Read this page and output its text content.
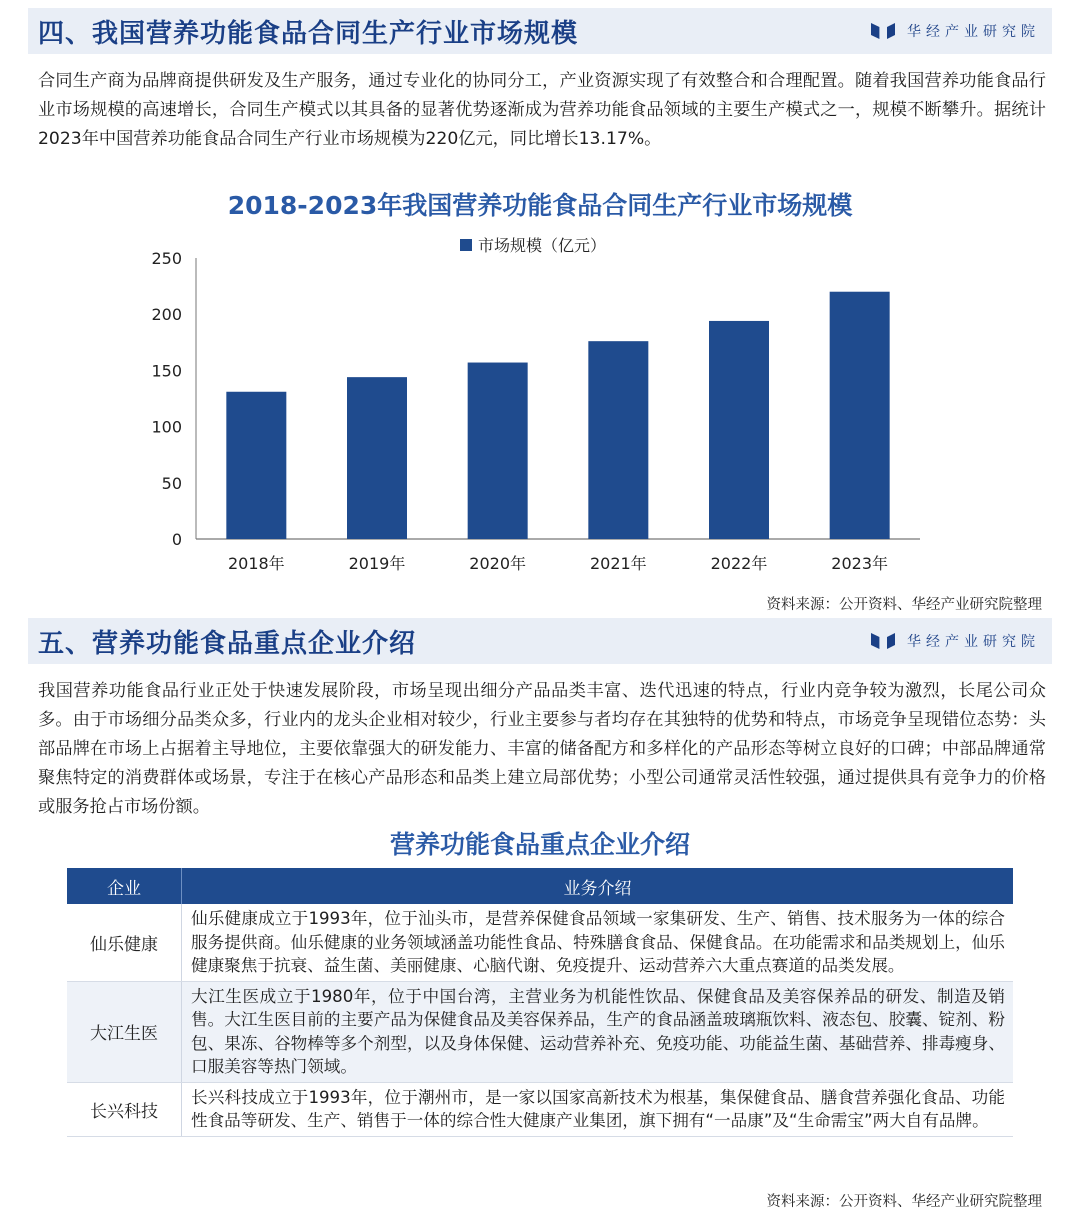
四、我国营养功能食品合同生产行业市场规模	华经产业研究院
合同生产商为品牌商提供研发及生产服务，通过专业化的协同分工，产业资源实现了有效整合和合理配置。随着我国营养功能食品行业市场规模的高速增长，合同生产模式以其具备的显著优势逐渐成为营养功能食品领域的主要生产模式之一，规模不断攀升。据统计2023年中国营养功能食品合同生产行业市场规模为220亿元，同比增长13.17%。
2018-2023年我国营养功能食品合同生产行业市场规模
市场规模（亿元）
0
50
100
150
200
250
2018年	2019年	2020年	2021年	2022年	2023年
资料来源：公开资料、华经产业研究院整理
五、营养功能食品重点企业介绍	华经产业研究院
我国营养功能食品行业正处于快速发展阶段，市场呈现出细分产品品类丰富、迭代迅速的特点，行业内竞争较为激烈，长尾公司众多。由于市场细分品类众多，行业内的龙头企业相对较少，行业主要参与者均存在其独特的优势和特点，市场竞争呈现错位态势：头部品牌在市场上占据着主导地位，主要依靠强大的研发能力、丰富的储备配方和多样化的产品形态等树立良好的口碑；中部品牌通常聚焦特定的消费群体或场景，专注于在核心产品形态和品类上建立局部优势；小型公司通常灵活性较强，通过提供具有竞争力的价格或服务抢占市场份额。
营养功能食品重点企业介绍
企业	业务介绍
仙乐健康	仙乐健康成立于1993年，位于汕头市，是营养保健食品领域一家集研发、生产、销售、技术服务为一体的综合服务提供商。仙乐健康的业务领域涵盖功能性食品、特殊膳食食品、保健食品。在功能需求和品类规划上，仙乐健康聚焦于抗衰、益生菌、美丽健康、心脑代谢、免疫提升、运动营养六大重点赛道的品类发展。
大江生医	大江生医成立于1980年，位于中国台湾，主营业务为机能性饮品、保健食品及美容保养品的研发、制造及销售。大江生医目前的主要产品为保健食品及美容保养品，生产的食品涵盖玻璃瓶饮料、液态包、胶囊、锭剂、粉包、果冻、谷物棒等多个剂型，以及身体保健、运动营养补充、免疫功能、功能益生菌、基础营养、排毒瘦身、口服美容等热门领域。
长兴科技	长兴科技成立于1993年，位于潮州市，是一家以国家高新技术为根基，集保健食品、膳食营养强化食品、功能性食品等研发、生产、销售于一体的综合性大健康产业集团，旗下拥有“一品康”及“生命需宝”两大自有品牌。
资料来源：公开资料、华经产业研究院整理
